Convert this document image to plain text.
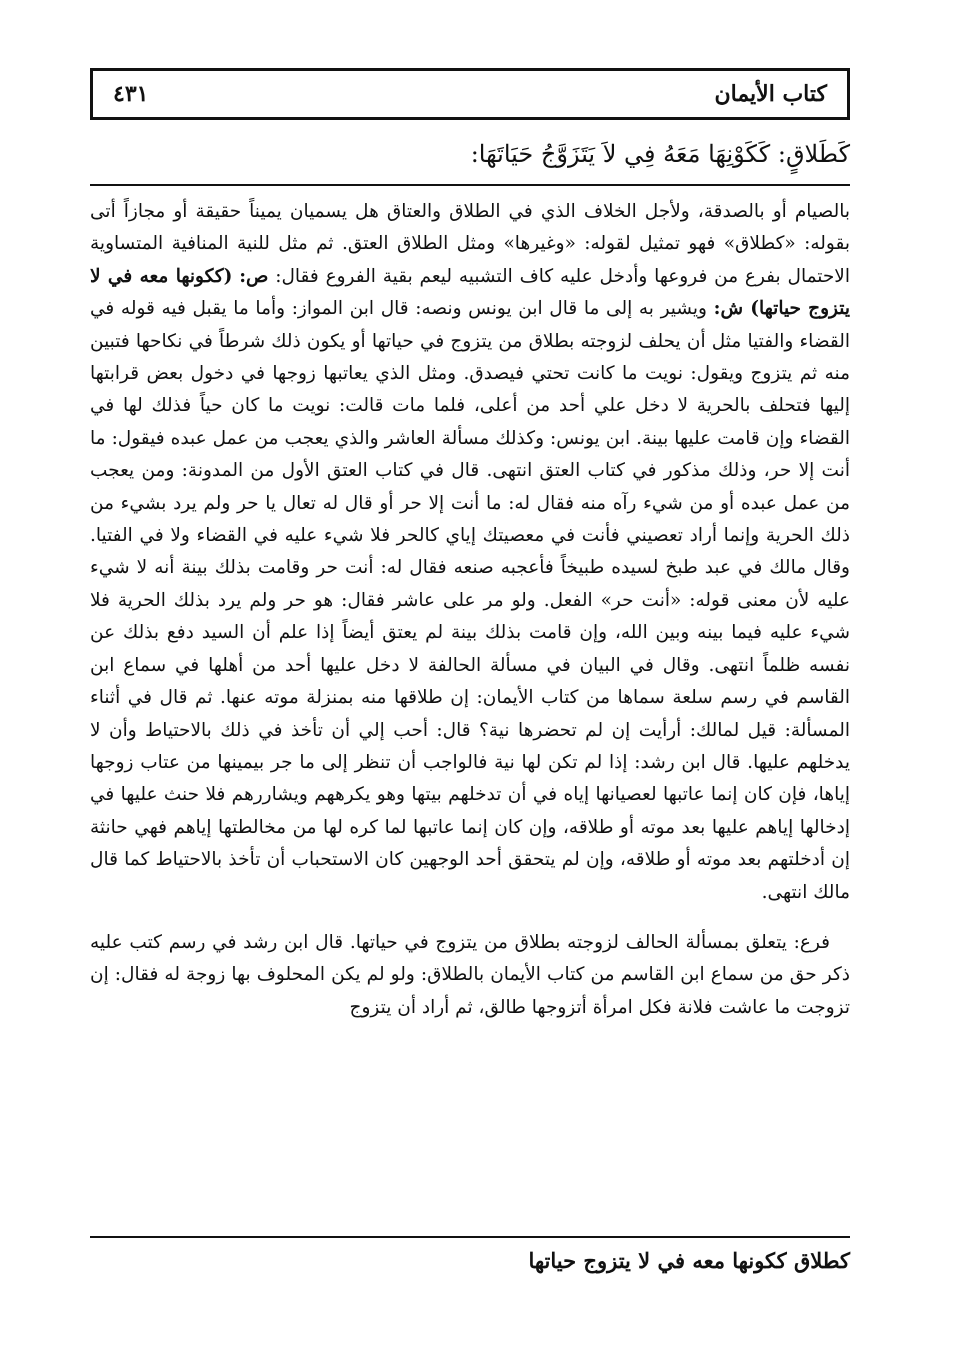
كتاب الأيمان
٤٣١
كَطَلاقٍ: كَكَوْنِهَا مَعَهُ فِي لاَ يَتَزَوَّجُ حَيَاتَهَا:

بالصيام أو بالصدقة، ولأجل الخلاف الذي في الطلاق والعتاق هل يسميان يميناً حقيقة أو مجازاً أتى بقوله: «كطلاق» فهو تمثيل لقوله: «وغيرها» ومثل الطلاق العتق. ثم مثل للنية المنافية المتساوية الاحتمال بفرع من فروعها وأدخل عليه كاف التشبيه ليعم بقية الفروع فقال: ص: (ككونها معه في لا يتزوج حياتها) ش: ويشير به إلى ما قال ابن يونس ونصه: قال ابن المواز: وأما ما يقبل فيه قوله في القضاء والفتيا مثل أن يحلف لزوجته بطلاق من يتزوج في حياتها أو يكون ذلك شرطاً في نكاحها فتبين منه ثم يتزوج ويقول: نويت ما كانت تحتي فيصدق. ومثل الذي يعاتبها زوجها في دخول بعض قرابتها إليها فتحلف بالحرية لا دخل علي أحد من أعلى، فلما مات قالت: نويت ما كان حياً فذلك لها في القضاء وإن قامت عليها بينة. ابن يونس: وكذلك مسألة العاشر والذي يعجب من عمل عبده فيقول: ما أنت إلا حر، وذلك مذكور في كتاب العتق انتهى. قال في كتاب العتق الأول من المدونة: ومن يعجب من عمل عبده أو من شيء رآه منه فقال له: ما أنت إلا حر أو قال له تعال يا حر ولم يرد بشيء من ذلك الحرية وإنما أراد تعصيني فأنت في معصيتك إياي كالحر فلا شيء عليه في القضاء ولا في الفتيا. وقال مالك في عبد طبخ لسيده طبيخاً فأعجبه صنعه فقال له: أنت حر وقامت بذلك بينة أنه لا شيء عليه لأن معنى قوله: «أنت حر» الفعل. ولو مر على عاشر فقال: هو حر ولم يرد بذلك الحرية فلا شيء عليه فيما بينه وبين الله، وإن قامت بذلك بينة لم يعتق أيضاً إذا علم أن السيد دفع بذلك عن نفسه ظلماً انتهى. وقال في البيان في مسألة الحالفة لا دخل عليها أحد من أهلها في سماع ابن القاسم في رسم سلعة سماها من كتاب الأيمان: إن طلاقها منه بمنزلة موته عنها. ثم قال في أثناء المسألة: قيل لمالك: أرأيت إن لم تحضرها نية؟ قال: أحب إلي أن تأخذ في ذلك بالاحتياط وأن لا يدخلهم عليها. قال ابن رشد: إذا لم تكن لها نية فالواجب أن تنظر إلى ما جر بيمينها من عتاب زوجها إياها، فإن كان إنما عاتبها لعصيانها إياه في أن تدخلهم بيتها وهو يكرههم ويشاررهم فلا حنث عليها في إدخالها إياهم عليها بعد موته أو طلاقه، وإن كان إنما عاتبها لما كره لها من مخالطتها إياهم فهي حانثة إن أدخلتهم بعد موته أو طلاقه، وإن لم يتحقق أحد الوجهين كان الاستحباب أن تأخذ بالاحتياط كما قال مالك انتهى.

فرع: يتعلق بمسألة الحالف لزوجته بطلاق من يتزوج في حياتها. قال ابن رشد في رسم كتب عليه ذكر حق من سماع ابن القاسم من كتاب الأيمان بالطلاق: ولو لم يكن المحلوف بها زوجة له فقال: إن تزوجت ما عاشت فلانة فكل امرأة أتزوجها طالق، ثم أراد أن يتزوج

كطلاق ككونها معه في لا يتزوج حياتها
